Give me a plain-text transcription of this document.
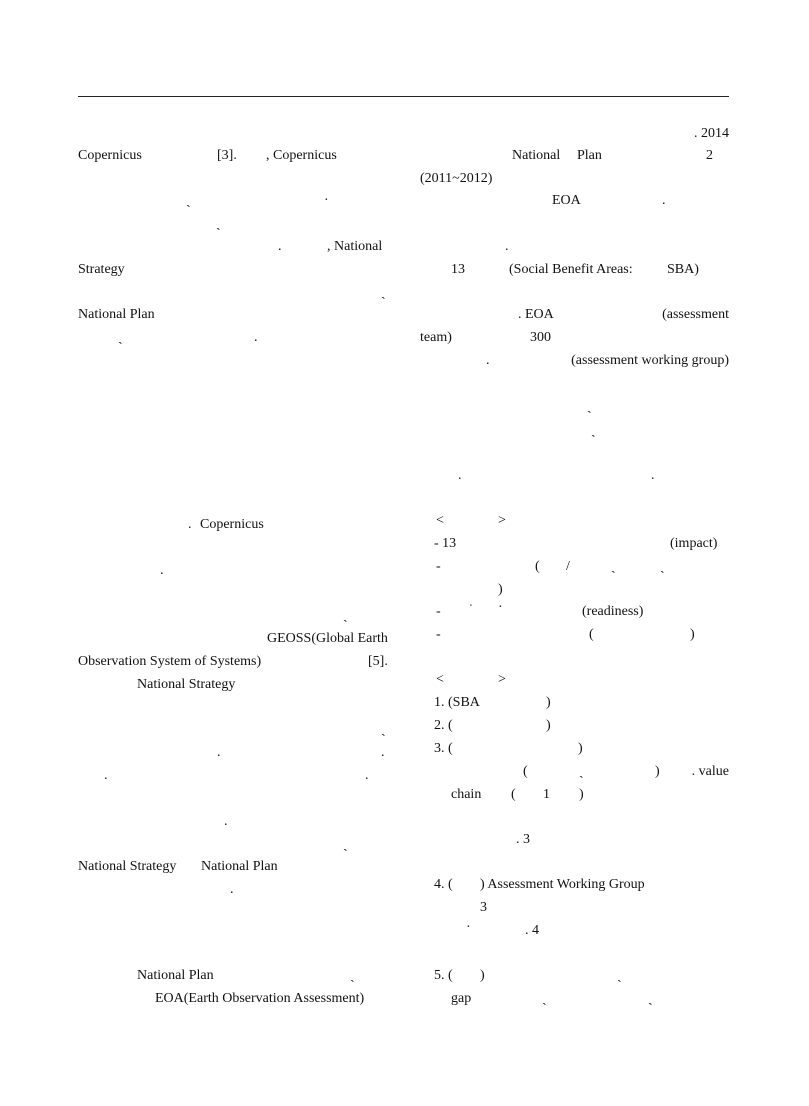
Copernicus	[3]. , Copernicus
ˏ	·
ˏ
.	, National
Strategy
ˏ
National Plan
ˏ	.
. Copernicus
.
ˏ
GEOSS(Global Earth
Observation System of Systems)	[5].
National Strategy
ˏ
.	.
.	.
.
ˏ
National Strategy National Plan
.
National Plan	ˏ
EOA(Earth Observation Assessment)
. 2014
National Plan	2
(2011~2012)
EOA	.
.
13	(Social Benefit Areas: SBA)
. EOA	(assessment
team)	300
.	(assessment working group)
ˏ
ˏ
.	.
<	>
- 13	(impact)
-	( /	ˏ	ˏ
)
- ˑ ·	(readiness)
-	(	)
<	>
1. (SBA	)
2. (	)
3. (	)
(	ˏ	) . value
chain ( 1 )
. 3
4. ( ) Assessment Working Group
3
·	. 4
5. ( )	ˏ
gap	ˏ	ˏ
